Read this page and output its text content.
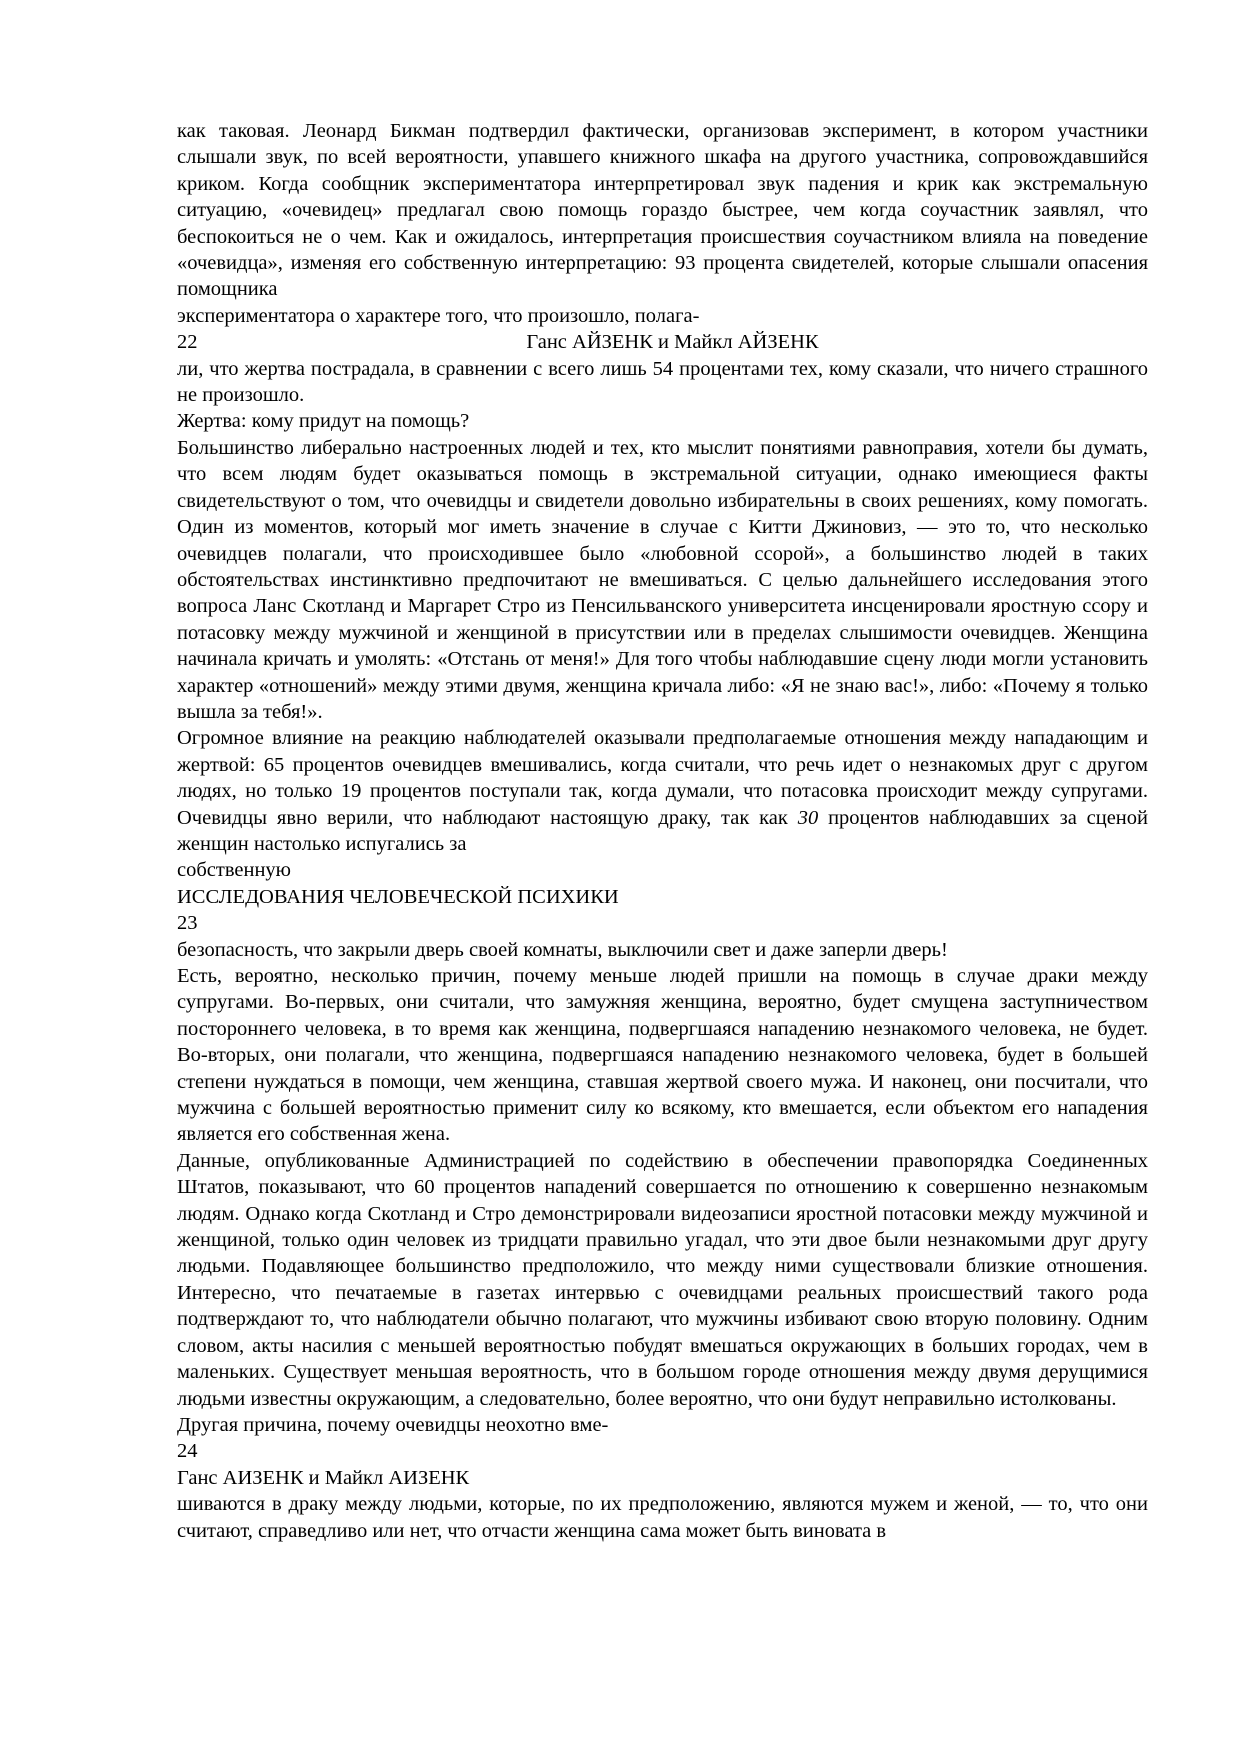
как таковая. Леонард Бикман подтвердил фактически, организовав эксперимент, в котором участники слышали звук, по всей вероятности, упавшего книжного шкафа на другого участника, сопровождавшийся криком. Когда сообщник экспериментатора интерпретировал звук падения и крик как экстремальную ситуацию, «очевидец» предлагал свою помощь гораздо быстрее, чем когда соучастник заявлял, что беспокоиться не о чем. Как и ожидалось, интерпретация происшествия соучастником влияла на поведение «очевидца», изменяя его собственную интерпретацию: 93 процента свидетелей, которые слышали опасения помощника

экспериментатора о характере того, что произошло, полага-

22	Ганс АЙЗЕНК и Майкл АЙЗЕНК

ли, что жертва пострадала, в сравнении с всего лишь 54 процентами тех, кому сказали, что ничего страшного не произошло.

Жертва: кому придут на помощь?

Большинство либерально настроенных людей и тех, кто мыслит понятиями равноправия, хотели бы думать, что всем людям будет оказываться помощь в экстремальной ситуации, однако имеющиеся факты свидетельствуют о том, что очевидцы и свидетели довольно избирательны в своих решениях, кому помогать. Один из моментов, который мог иметь значение в случае с Китти Джиновиз, — это то, что несколько очевидцев полагали, что происходившее было «любовной ссорой», а большинство людей в таких обстоятельствах инстинктивно предпочитают не вмешиваться. С целью дальнейшего исследования этого вопроса Ланс Скотланд и Маргарет Стро из Пенсильванского университета инсценировали яростную ссору и потасовку между мужчиной и женщиной в присутствии или в пределах слышимости очевидцев. Женщина начинала кричать и умолять: «Отстань от меня!» Для того чтобы наблюдавшие сцену люди могли установить характер «отношений» между этими двумя, женщина кричала либо: «Я не знаю вас!», либо: «Почему я только вышла за тебя!».

Огромное влияние на реакцию наблюдателей оказывали предполагаемые отношения между нападающим и жертвой: 65 процентов очевидцев вмешивались, когда считали, что речь идет о незнакомых друг с другом людях, но только 19 процентов поступали так, когда думали, что потасовка происходит между супругами. Очевидцы явно верили, что наблюдают настоящую драку, так как 30 процентов наблюдавших за сценой женщин настолько испугались за

собственную

ИССЛЕДОВАНИЯ ЧЕЛОВЕЧЕСКОЙ ПСИХИКИ

23

безопасность, что закрыли дверь своей комнаты, выключили свет и даже заперли дверь!

Есть, вероятно, несколько причин, почему меньше людей пришли на помощь в случае драки между супругами. Во-первых, они считали, что замужняя женщина, вероятно, будет смущена заступничеством постороннего человека, в то время как женщина, подвергшаяся нападению незнакомого человека, не будет. Во-вторых, они полагали, что женщина, подвергшаяся нападению незнакомого человека, будет в большей степени нуждаться в помощи, чем женщина, ставшая жертвой своего мужа. И наконец, они посчитали, что мужчина с большей вероятностью применит силу ко всякому, кто вмешается, если объектом его нападения является его собственная жена.

Данные, опубликованные Администрацией по содействию в обеспечении правопорядка Соединенных Штатов, показывают, что 60 процентов нападений совершается по отношению к совершенно незнакомым людям. Однако когда Скотланд и Стро демонстрировали видеозаписи яростной потасовки между мужчиной и женщиной, только один человек из тридцати правильно угадал, что эти двое были незнакомыми друг другу людьми. Подавляющее большинство предположило, что между ними существовали близкие отношения. Интересно, что печатаемые в газетах интервью с очевидцами реальных происшествий такого рода подтверждают то, что наблюдатели обычно полагают, что мужчины избивают свою вторую половину. Одним словом, акты насилия с меньшей вероятностью побудят вмешаться окружающих в больших городах, чем в маленьких. Существует меньшая вероятность, что в большом городе отношения между двумя дерущимися людьми известны окружающим, а следовательно, более вероятно, что они будут неправильно истолкованы.

Другая причина, почему очевидцы неохотно вме-

24

Ганс АИЗЕНК и Майкл АИЗЕНК

шиваются в драку между людьми, которые, по их предположению, являются мужем и женой, — то, что они считают, справедливо или нет, что отчасти женщина сама может быть виновата в
